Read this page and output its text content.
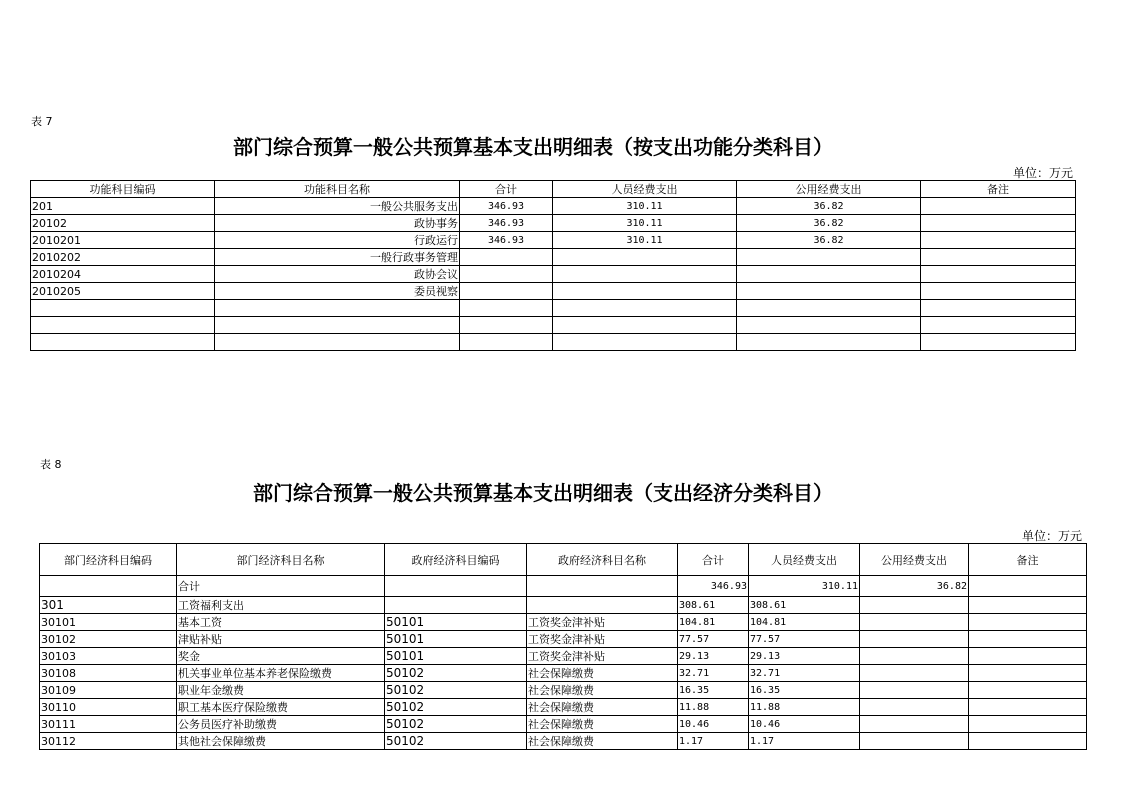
表 7
部门综合预算一般公共预算基本支出明细表（按支出功能分类科目）
单位：万元
功能科目编码	功能科目名称	合计	人员经费支出	公用经费支出	备注
201	一般公共服务支出	346.93	310.11	36.82	
20102	政协事务	346.93	310.11	36.82	
2010201	行政运行	346.93	310.11	36.82	
2010202	一般行政事务管理				
2010204	政协会议				
2010205	委员视察				

表 8
部门综合预算一般公共预算基本支出明细表（支出经济分类科目）
单位：万元
部门经济科目编码	部门经济科目名称	政府经济科目编码	政府经济科目名称	合计	人员经费支出	公用经费支出	备注
	合计			346.93	310.11	36.82	
301	工资福利支出			308.61	308.61		
30101	基本工资	50101	工资奖金津补贴	104.81	104.81		
30102	津贴补贴	50101	工资奖金津补贴	77.57	77.57		
30103	奖金	50101	工资奖金津补贴	29.13	29.13		
30108	机关事业单位基本养老保险缴费	50102	社会保障缴费	32.71	32.71		
30109	职业年金缴费	50102	社会保障缴费	16.35	16.35		
30110	职工基本医疗保险缴费	50102	社会保障缴费	11.88	11.88		
30111	公务员医疗补助缴费	50102	社会保障缴费	10.46	10.46		
30112	其他社会保障缴费	50102	社会保障缴费	1.17	1.17		
